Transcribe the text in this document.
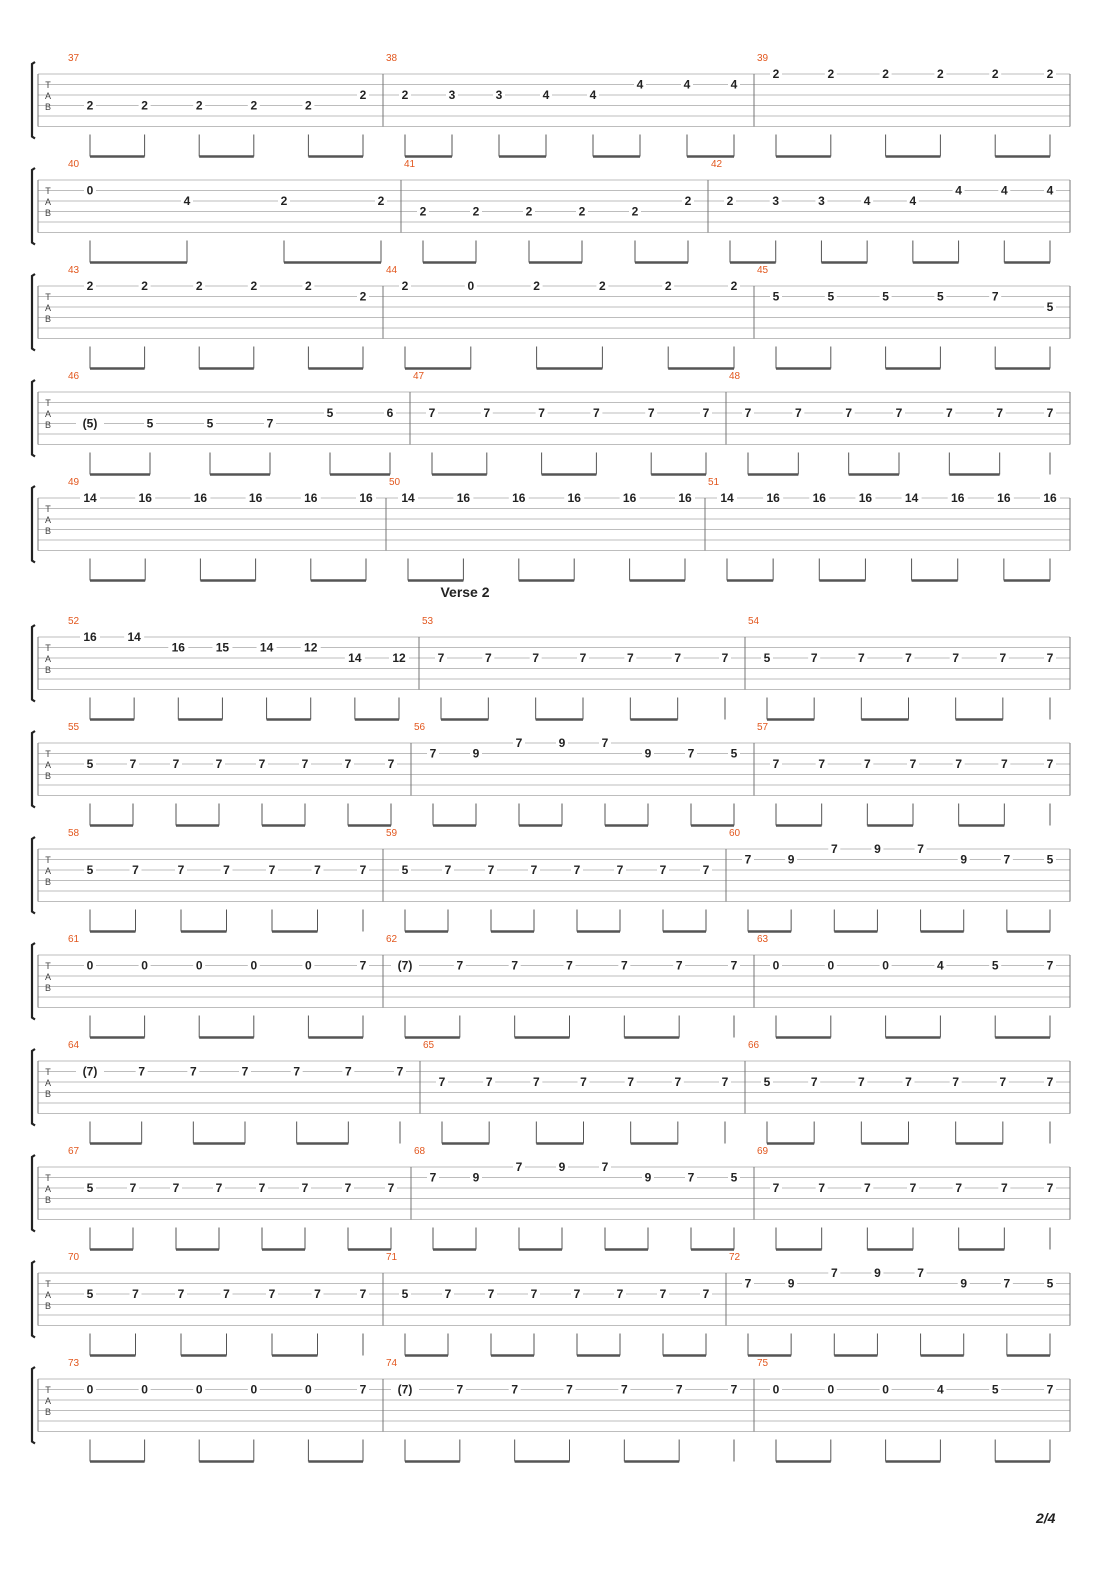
T
A
B
37
2	2	2	2	2
2
38
2	3	3	4	4
4	4	4
39
2	2	2	2	2	2
T
A
B
40
0
4	2	2
41
2	2	2	2	2
2
42
2	3	3	4	4
4	4	4
T
A
B
43
2	2	2	2	2
2
44
2	0	2	2	2	2
45
5	5	5	5	7
5
T
A
B
46
(5)	5	5	7
5	6
47
7	7	7	7	7	7
48
7	7	7	7	7	7	7
T
A
B
49
14	16	16	16	16	16
50
14	16	16	16	16	16
51
14	16	16	16	14	16	16	16
T
A
B
52
16	14
16	15	14	12
14	12
53
7	7	7	7	7	7	7
54
5	7	7	7	7	7	7
T
A
B
55
5	7	7	7	7	7	7	7
56
7	9
7	9	7
9	7	5
57
7	7	7	7	7	7	7
T
A
B
58
5	7	7	7	7	7	7
59
5	7	7	7	7	7	7	7
60
7	9
7	9	7
9	7	5
T
A
B
61
0	0	0	0	0	7
62
(7)	7	7	7	7	7	7
63
0	0	0	4	5	7
T
A
B
64
(7)	7	7	7	7	7	7
65
7	7	7	7	7	7	7
66
5	7	7	7	7	7	7
T
A
B
67
5	7	7	7	7	7	7	7
68
7	9
7	9	7
9	7	5
69
7	7	7	7	7	7	7
T
A
B
70
5	7	7	7	7	7	7
71
5	7	7	7	7	7	7	7
72
7	9
7	9	7
9	7	5
T
A
B
73
0	0	0	0	0	7
74
(7)	7	7	7	7	7	7
75
0	0	0	4	5	7
Verse 2
2/4
